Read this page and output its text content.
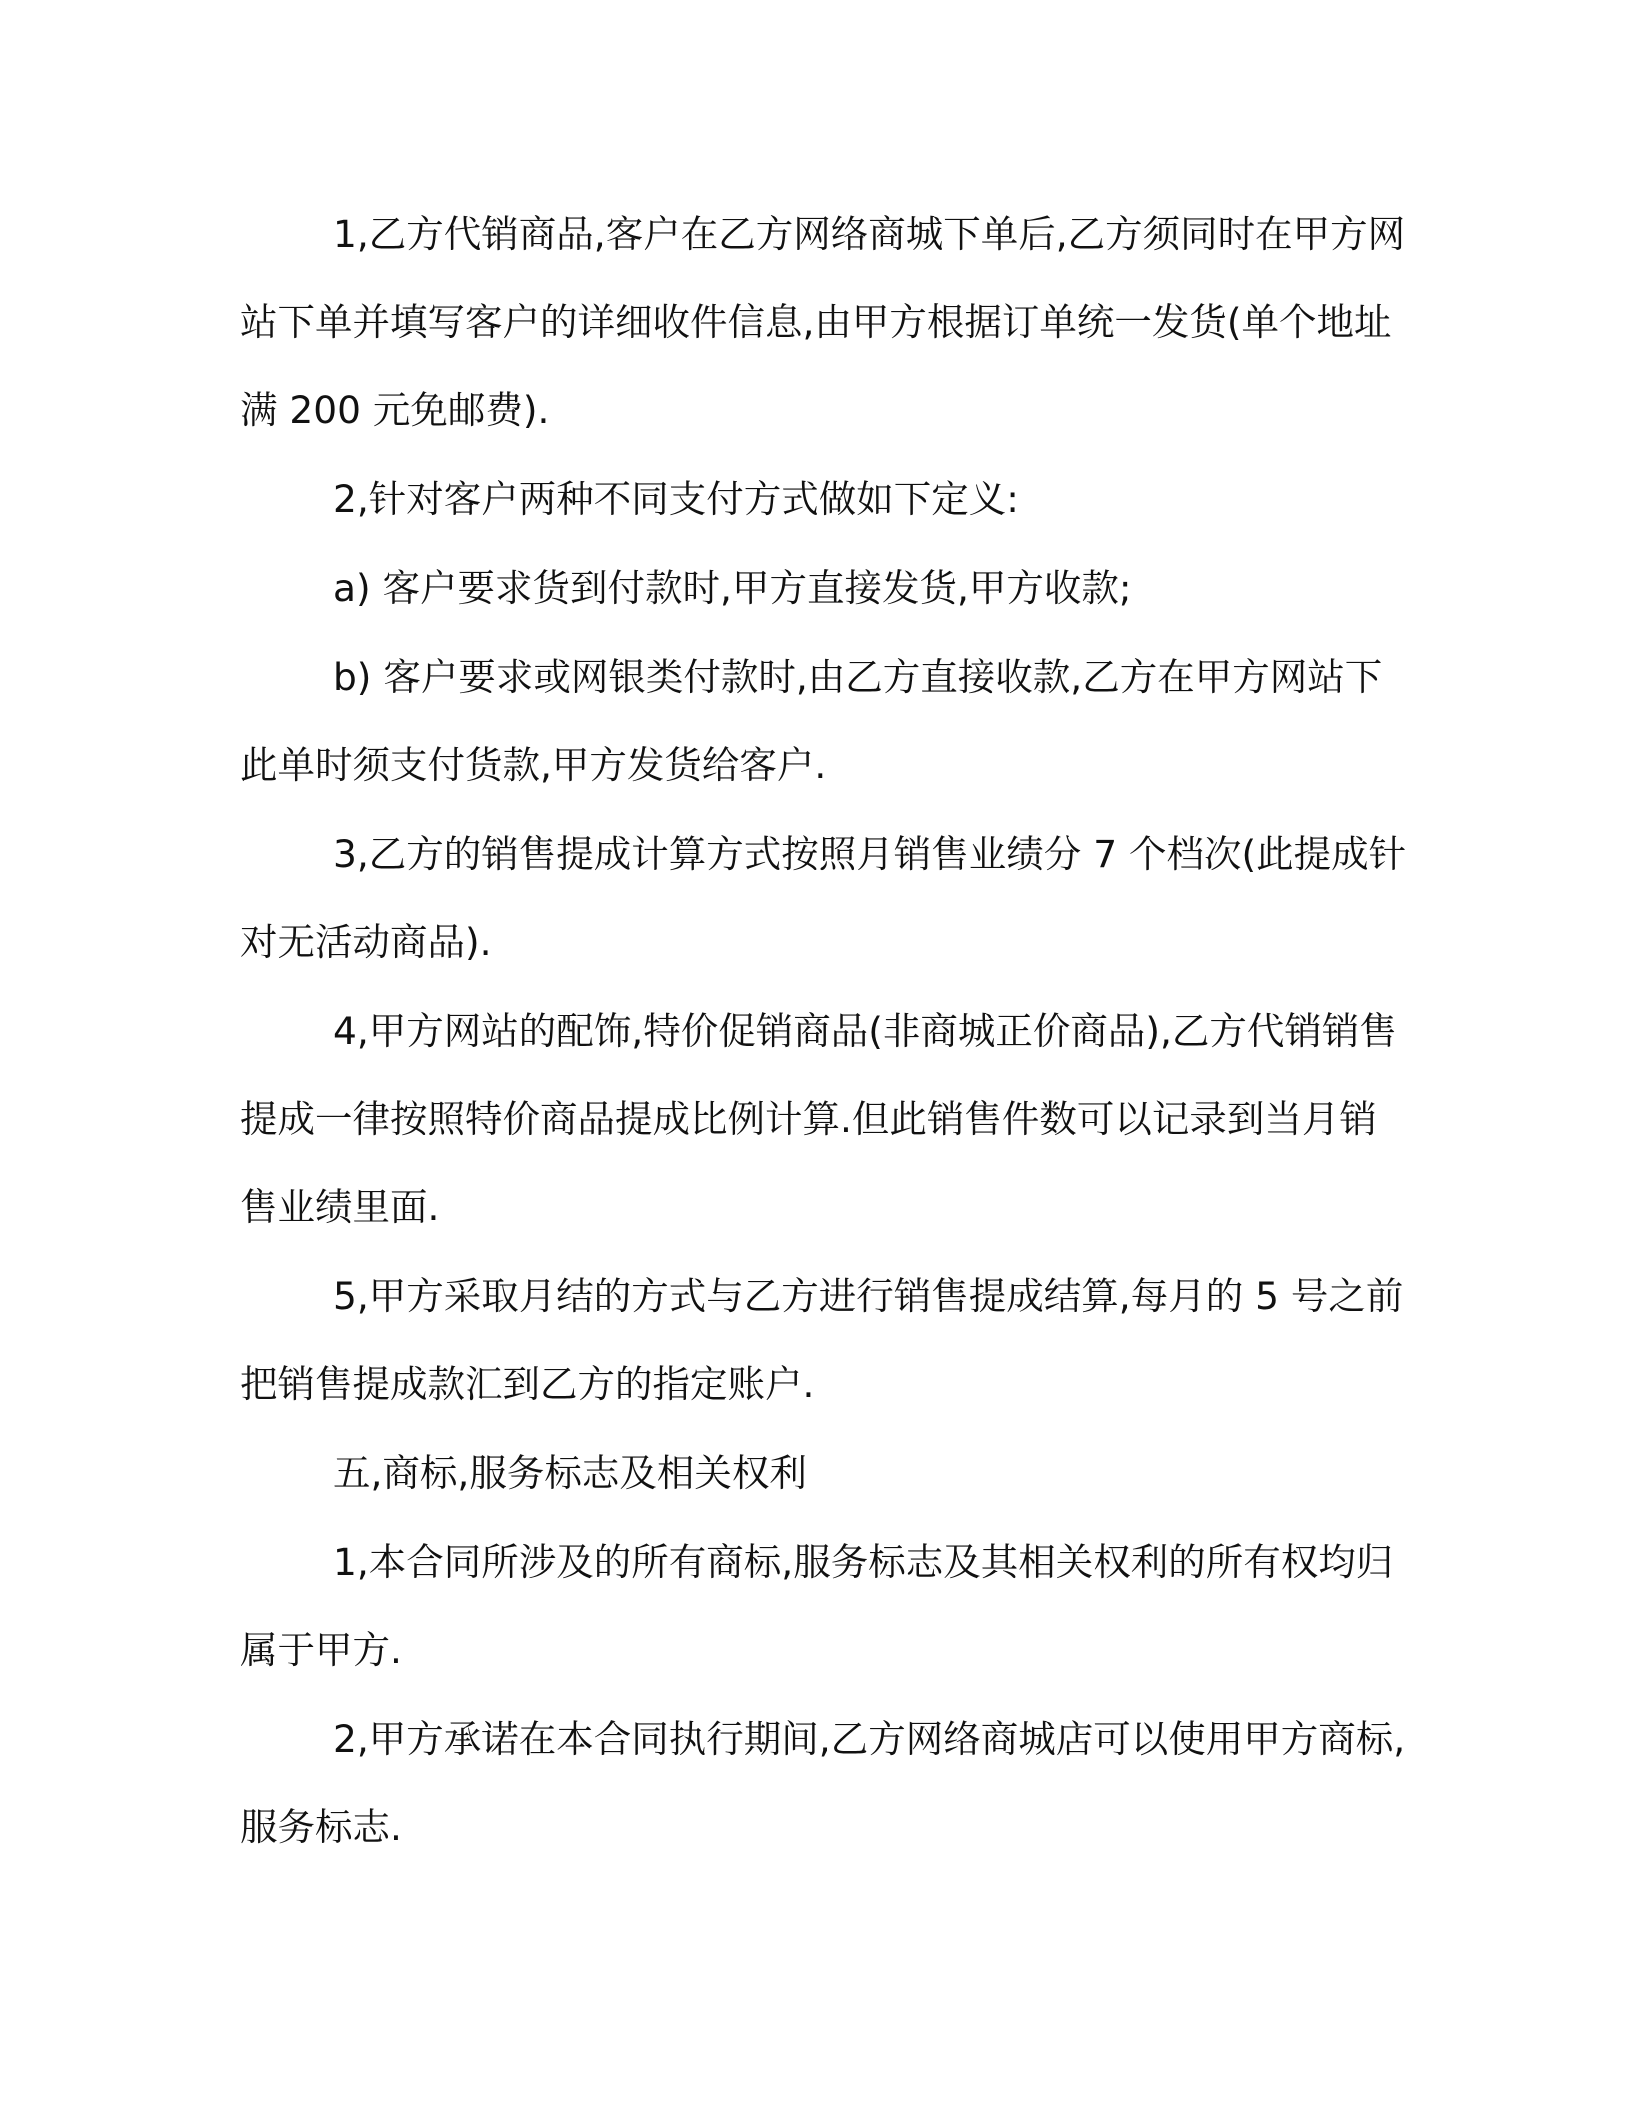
1,乙方代销商品,客户在乙方网络商城下单后,乙方须同时在甲方网站下单并填写客户的详细收件信息,由甲方根据订单统一发货(单个地址满 200 元免邮费).

2,针对客户两种不同支付方式做如下定义:

a) 客户要求货到付款时,甲方直接发货,甲方收款;

b) 客户要求或网银类付款时,由乙方直接收款,乙方在甲方网站下此单时须支付货款,甲方发货给客户.

3,乙方的销售提成计算方式按照月销售业绩分 7 个档次(此提成针对无活动商品).

4,甲方网站的配饰,特价促销商品(非商城正价商品),乙方代销销售提成一律按照特价商品提成比例计算.但此销售件数可以记录到当月销售业绩里面.

5,甲方采取月结的方式与乙方进行销售提成结算,每月的 5 号之前把销售提成款汇到乙方的指定账户.

五,商标,服务标志及相关权利

1,本合同所涉及的所有商标,服务标志及其相关权利的所有权均归属于甲方.

2,甲方承诺在本合同执行期间,乙方网络商城店可以使用甲方商标,服务标志.
